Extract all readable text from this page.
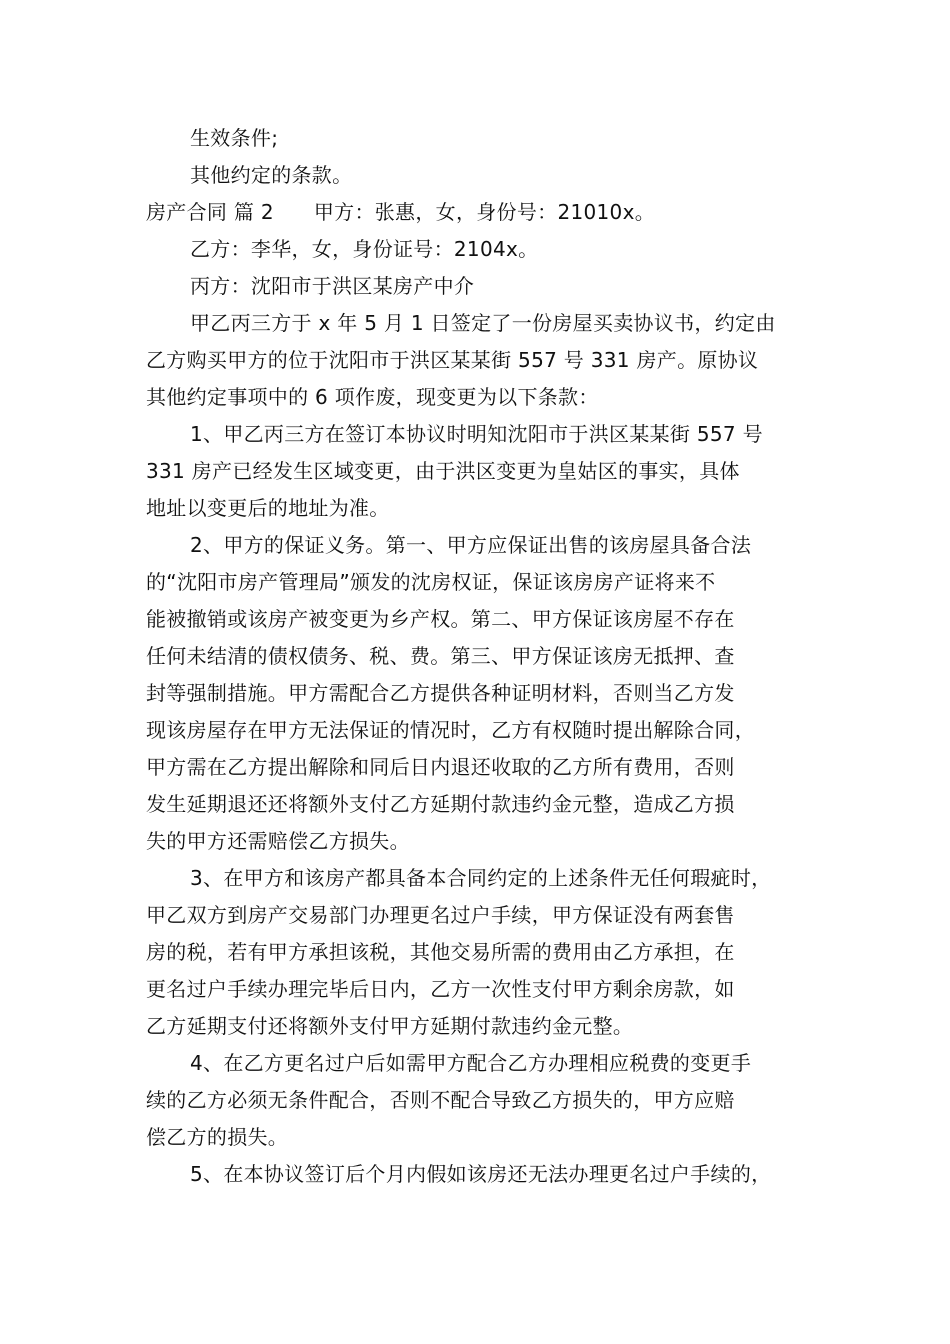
生效条件;
其他约定的条款。
房产合同 篇 2 甲方：张惠，女，身份号：21010x。
乙方：李华，女，身份证号：2104x。
丙方：沈阳市于洪区某房产中介
甲乙丙三方于 x 年 5 月 1 日签定了一份房屋买卖协议书，约定由
乙方购买甲方的位于沈阳市于洪区某某街 557 号 331 房产。原协议
其他约定事项中的 6 项作废，现变更为以下条款：
1、甲乙丙三方在签订本协议时明知沈阳市于洪区某某街 557 号
331 房产已经发生区域变更，由于洪区变更为皇姑区的事实，具体
地址以变更后的地址为准。
2、甲方的保证义务。第一、甲方应保证出售的该房屋具备合法
的“沈阳市房产管理局”颁发的沈房权证，保证该房房产证将来不
能被撤销或该房产被变更为乡产权。第二、甲方保证该房屋不存在
任何未结清的债权债务、税、费。第三、甲方保证该房无抵押、查
封等强制措施。甲方需配合乙方提供各种证明材料，否则当乙方发
现该房屋存在甲方无法保证的情况时，乙方有权随时提出解除合同，
甲方需在乙方提出解除和同后日内退还收取的乙方所有费用，否则
发生延期退还还将额外支付乙方延期付款违约金元整，造成乙方损
失的甲方还需赔偿乙方损失。
3、在甲方和该房产都具备本合同约定的上述条件无任何瑕疵时，
甲乙双方到房产交易部门办理更名过户手续，甲方保证没有两套售
房的税，若有甲方承担该税，其他交易所需的费用由乙方承担，在
更名过户手续办理完毕后日内，乙方一次性支付甲方剩余房款，如
乙方延期支付还将额外支付甲方延期付款违约金元整。
4、在乙方更名过户后如需甲方配合乙方办理相应税费的变更手
续的乙方必须无条件配合，否则不配合导致乙方损失的，甲方应赔
偿乙方的损失。
5、在本协议签订后个月内假如该房还无法办理更名过户手续的，
